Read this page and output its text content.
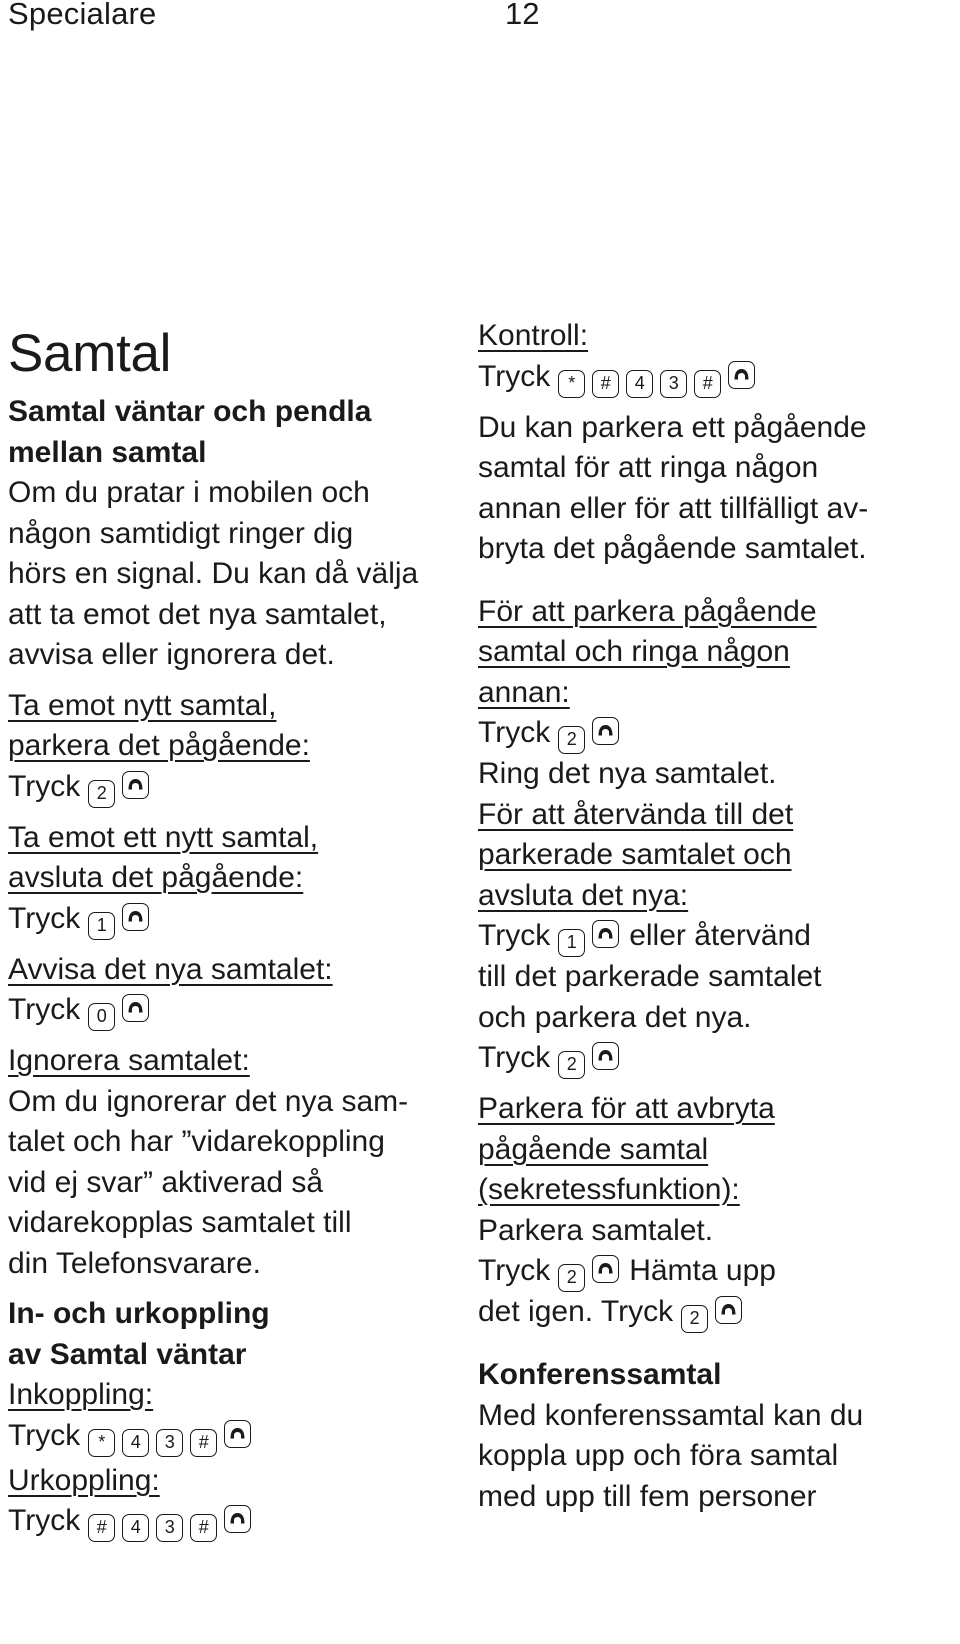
Specialare	12
Samtal
Samtal väntar och pendla
mellan samtal
Om du pratar i mobilen och
någon samtidigt ringer dig
hörs en signal. Du kan då välja
att ta emot det nya samtalet,
avvisa eller ignorera det.
Ta emot nytt samtal,
parkera det pågående:
Tryck 2
Ta emot ett nytt samtal,
avsluta det pågående:
Tryck 1
Avvisa det nya samtalet:
Tryck 0
Ignorera samtalet:
Om du ignorerar det nya sam-
talet och har ”vidarekoppling
vid ej svar” aktiverad så
vidarekopplas samtalet till
din Telefonsvarare.
In- och urkoppling
av Samtal väntar
Inkoppling:
Tryck * 4 3 #
Urkoppling:
Tryck # 4 3 #
Kontroll:
Tryck * # 4 3 #
Du kan parkera ett pågående
samtal för att ringa någon
annan eller för att tillfälligt av-
bryta det pågående samtalet.
För att parkera pågående
samtal och ringa någon
annan:
Tryck 2
Ring det nya samtalet.
För att återvända till det
parkerade samtalet och
avsluta det nya:
Tryck 1 eller återvänd
till det parkerade samtalet
och parkera det nya.
Tryck 2
Parkera för att avbryta
pågående samtal
(sekretessfunktion):
Parkera samtalet.
Tryck 2 Hämta upp
det igen. Tryck 2
Konferenssamtal
Med konferenssamtal kan du
koppla upp och föra samtal
med upp till fem personer
